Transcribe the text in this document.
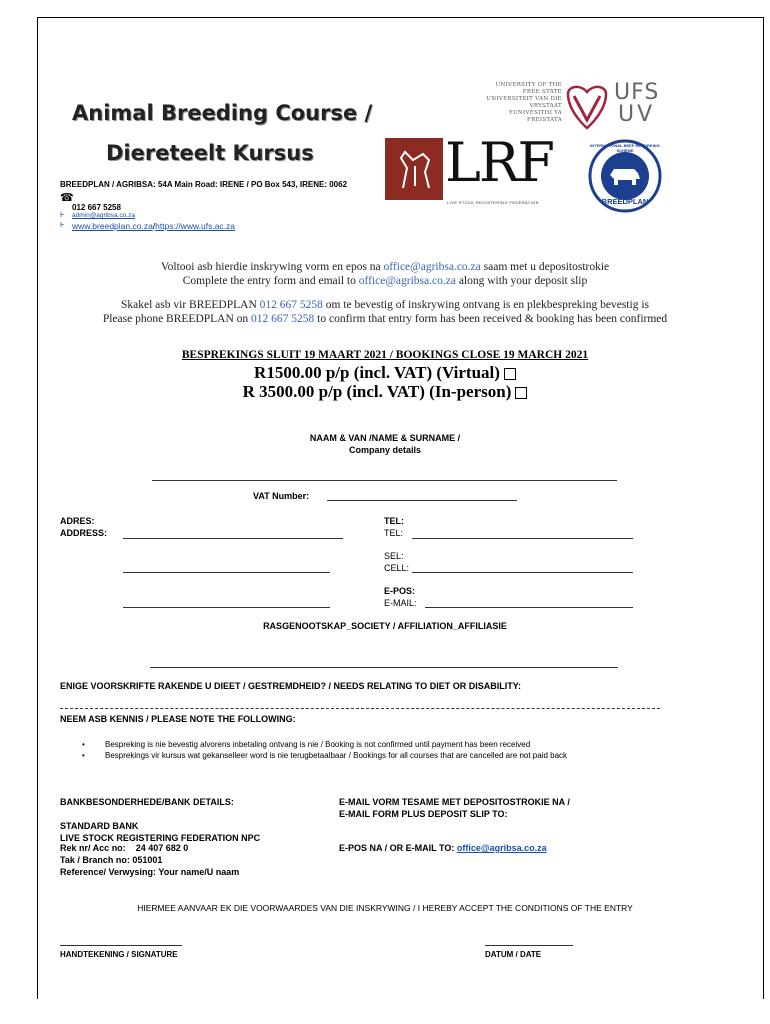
Animal Breeding Course /
Diereteelt Kursus
UNIVERSITY OF THE
FREE STATE
UNIVERSITEIT VAN DIE
VRYSTAAT
YUNIVESITHI YA
FREISTATA
UFS
UV
LRF
LIVE STOCK REGISTERING FEDERATION
INTERNATIONAL BEEF RECORDING SCHEME
BREEDPLAN
BREEDPLAN / AGRIBSA: 54A Main Road: IRENE / PO Box 543, IRENE: 0062
☎
012 667 5258
Ͱ admin@agribsa.co.za
Ͱ www.breedplan.co.za/https://www.ufs.ac.za
Voltooi asb hierdie inskrywing vorm en epos na office@agribsa.co.za saam met u depositostrokie
Complete the entry form and email to office@agribsa.co.za along with your deposit slip
Skakel asb vir BREEDPLAN 012 667 5258 om te bevestig of inskrywing ontvang is en plekbespreking bevestig is
Please phone BREEDPLAN on 012 667 5258 to confirm that entry form has been received & booking has been confirmed
BESPREKINGS SLUIT 19 MAART 2021 / BOOKINGS CLOSE 19 MARCH 2021
R1500.00 p/p (incl. VAT) (Virtual)
R 3500.00 p/p (incl. VAT) (In-person)
NAAM & VAN /NAME & SURNAME /
Company details
VAT Number:
ADRES:
ADDRESS:
TEL:
TEL:
SEL:
CELL:
E-POS:
E-MAIL:
RASGENOOTSKAP_SOCIETY / AFFILIATION_AFFILIASIE
ENIGE VOORSKRIFTE RAKENDE U DIEET / GESTREMDHEID? / NEEDS RELATING TO DIET OR DISABILITY:
NEEM ASB KENNIS / PLEASE NOTE THE FOLLOWING:
•	Bespreking is nie bevestig alvorens inbetaling ontvang is nie / Booking is not confirmed until payment has been received
•	Besprekings vir kursus wat gekanselleer word is nie terugbetaalbaar / Bookings for all courses that are cancelled are not paid back
BANKBESONDERHEDE/BANK DETAILS:
STANDARD BANK
LIVE STOCK REGISTERING FEDERATION NPC
Rek nr/ Acc no: 24 407 682 0
Tak / Branch no: 051001
Reference/ Verwysing: Your name/U naam
E-MAIL VORM TESAME MET DEPOSITOSTROKIE NA /
E-MAIL FORM PLUS DEPOSIT SLIP TO:
E-POS NA / OR E-MAIL TO: office@agribsa.co.za
HIERMEE AANVAAR EK DIE VOORWAARDES VAN DIE INSKRYWING / I HEREBY ACCEPT THE CONDITIONS OF THE ENTRY
HANDTEKENING / SIGNATURE	DATUM / DATE
